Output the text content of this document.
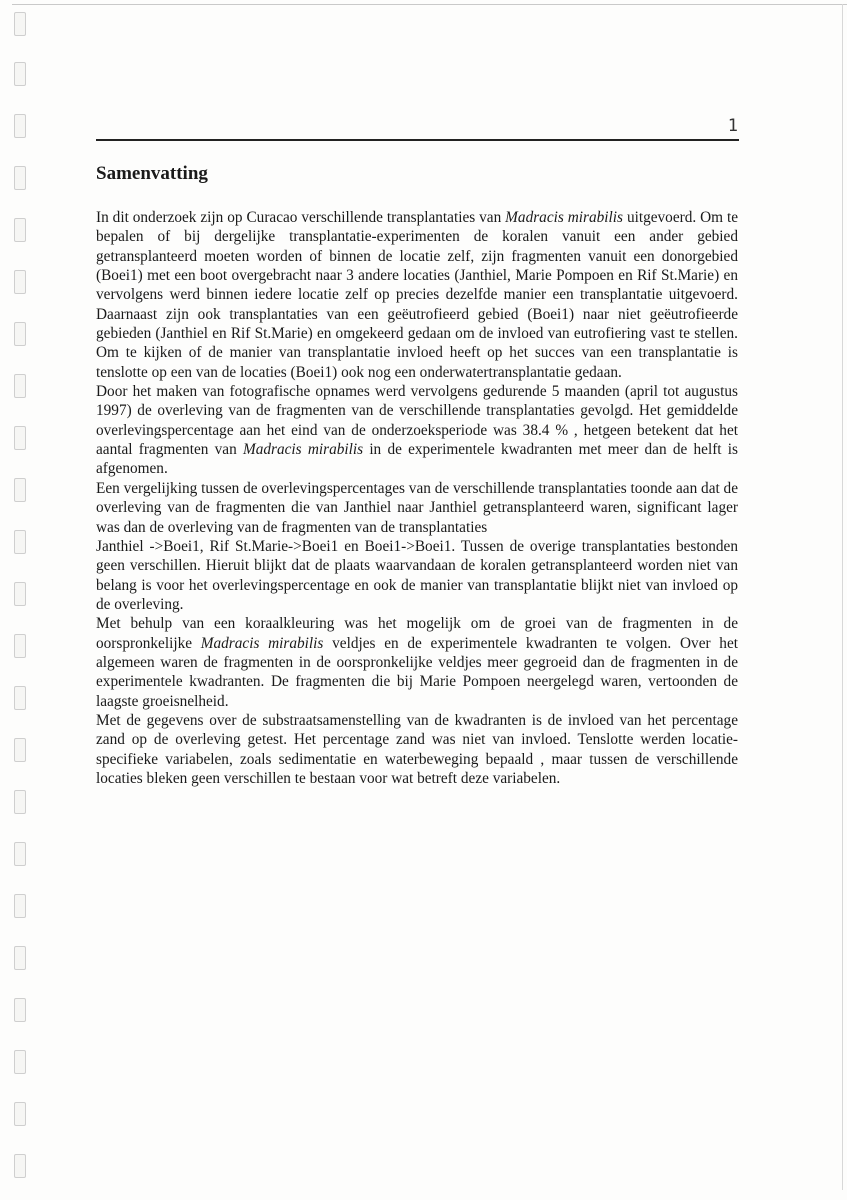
1
Samenvatting

In dit onderzoek zijn op Curacao verschillende transplantaties van Madracis mirabilis uitgevoerd. Om te bepalen of bij dergelijke transplantatie-experimenten de koralen vanuit een ander gebied getransplanteerd moeten worden of binnen de locatie zelf, zijn fragmenten vanuit een donorgebied (Boei1) met een boot overgebracht naar 3 andere locaties (Janthiel, Marie Pompoen en Rif St.Marie) en vervolgens werd binnen iedere locatie zelf op precies dezelfde manier een transplantatie uitgevoerd. Daarnaast zijn ook transplantaties van een geëutrofieerd gebied (Boei1) naar niet geëutrofieerde gebieden (Janthiel en Rif St.Marie) en omgekeerd gedaan om de invloed van eutrofiering vast te stellen. Om te kijken of de manier van transplantatie invloed heeft op het succes van een transplantatie is tenslotte op een van de locaties (Boei1) ook nog een onderwatertransplantatie gedaan.

Door het maken van fotografische opnames werd vervolgens gedurende 5 maanden (april tot augustus 1997) de overleving van de fragmenten van de verschillende transplantaties gevolgd. Het gemiddelde overlevingspercentage aan het eind van de onderzoeksperiode was 38.4 % , hetgeen betekent dat het aantal fragmenten van Madracis mirabilis in de experimentele kwadranten met meer dan de helft is afgenomen.

Een vergelijking tussen de overlevingspercentages van de verschillende transplantaties toonde aan dat de overleving van de fragmenten die van Janthiel naar Janthiel getransplanteerd waren, significant lager was dan de overleving van de fragmenten van de transplantaties
Janthiel ->Boei1, Rif St.Marie->Boei1 en Boei1->Boei1. Tussen de overige transplantaties bestonden geen verschillen. Hieruit blijkt dat de plaats waarvandaan de koralen getransplanteerd worden niet van belang is voor het overlevingspercentage en ook de manier van transplantatie blijkt niet van invloed op de overleving.

Met behulp van een koraalkleuring was het mogelijk om de groei van de fragmenten in de oorspronkelijke Madracis mirabilis veldjes en de experimentele kwadranten te volgen. Over het algemeen waren de fragmenten in de oorspronkelijke veldjes meer gegroeid dan de fragmenten in de experimentele kwadranten. De fragmenten die bij Marie Pompoen neergelegd waren, vertoonden de laagste groeisnelheid.

Met de gegevens over de substraatsamenstelling van de kwadranten is de invloed van het percentage zand op de overleving getest. Het percentage zand was niet van invloed. Tenslotte werden locatie-specifieke variabelen, zoals sedimentatie en waterbeweging bepaald , maar tussen de verschillende locaties bleken geen verschillen te bestaan voor wat betreft deze variabelen.
